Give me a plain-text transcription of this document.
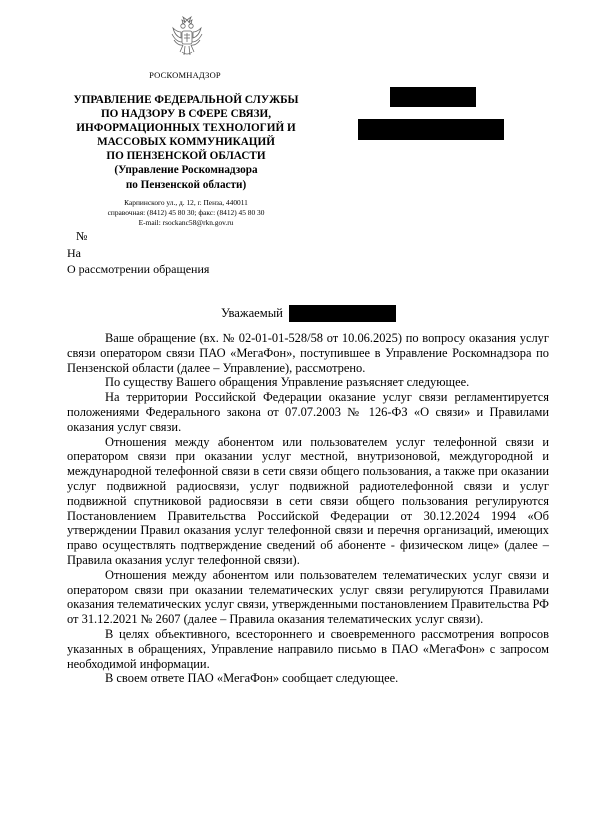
РОСКОМНАДЗОР
УПРАВЛЕНИЕ ФЕДЕРАЛЬНОЙ СЛУЖБЫ
ПО НАДЗОРУ В СФЕРЕ СВЯЗИ,
ИНФОРМАЦИОННЫХ ТЕХНОЛОГИЙ И
МАССОВЫХ КОММУНИКАЦИЙ
ПО ПЕНЗЕНСКОЙ ОБЛАСТИ
(Управление Роскомнадзора
по Пензенской области)
Карпинского ул., д. 12, г. Пенза, 440011
справочная: (8412) 45 80 30; факс: (8412) 45 80 30
E-mail: rsockanc58@rkn.gov.ru
№
На
О рассмотрении обращения
Уважаемый

Ваше обращение (вх. № 02-01-01-528/58 от 10.06.2025) по вопросу оказания услуг связи оператором связи ПАО «МегаФон», поступившее в Управление Роскомнадзора по Пензенской области (далее – Управление), рассмотрено.

По существу Вашего обращения Управление разъясняет следующее.

На территории Российской Федерации оказание услуг связи регламентируется положениями Федерального закона от 07.07.2003 № 126-ФЗ «О связи» и Правилами оказания услуг связи.

Отношения между абонентом или пользователем услуг телефонной связи и оператором связи при оказании услуг местной, внутризоновой, междугородной и международной телефонной связи в сети связи общего пользования, а также при оказании услуг подвижной радиосвязи, услуг подвижной радиотелефонной связи и услуг подвижной спутниковой радиосвязи в сети связи общего пользования регулируются Постановлением Правительства Российской Федерации от 30.12.2024 1994 «Об утверждении Правил оказания услуг телефонной связи и перечня организаций, имеющих право осуществлять подтверждение сведений об абоненте - физическом лице» (далее – Правила оказания услуг телефонной связи).

Отношения между абонентом или пользователем телематических услуг связи и оператором связи при оказании телематических услуг связи регулируются Правилами оказания телематических услуг связи, утвержденными постановлением Правительства РФ от 31.12.2021 № 2607 (далее – Правила оказания телематических услуг связи).

В целях объективного, всестороннего и своевременного рассмотрения вопросов указанных в обращениях, Управление направило письмо в ПАО «МегаФон» с запросом необходимой информации.

В своем ответе ПАО «МегаФон» сообщает следующее.
